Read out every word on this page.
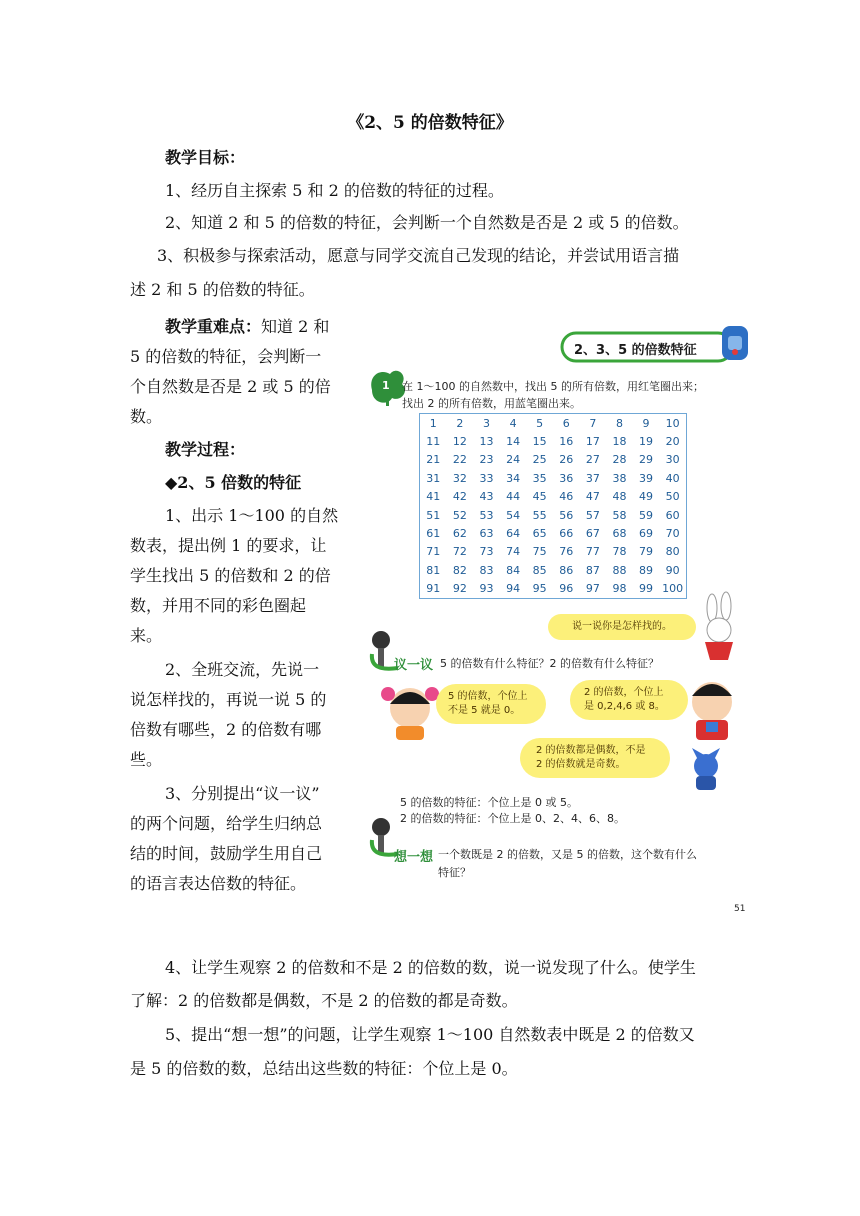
《2、5 的倍数特征》
教学目标：
1、经历自主探索 5 和 2 的倍数的特征的过程。
2、知道 2 和 5 的倍数的特征，会判断一个自然数是否是 2 或 5 的倍数。
3、积极参与探索活动，愿意与同学交流自己发现的结论，并尝试用语言描
述 2 和 5 的倍数的特征。
教学重难点：知道 2 和
5 的倍数的特征，会判断一
个自然数是否是 2 或 5 的倍
数。
教学过程：
◆2、5 倍数的特征
1、出示 1～100 的自然
数表，提出例 1 的要求，让
学生找出 5 的倍数和 2 的倍
数，并用不同的彩色圈起
来。
2、全班交流，先说一
说怎样找的，再说一说 5 的
倍数有哪些，2 的倍数有哪
些。
3、分别提出“议一议”
的两个问题，给学生归纳总
结的时间，鼓励学生用自己
的语言表达倍数的特征。
4、让学生观察 2 的倍数和不是 2 的倍数的数，说一说发现了什么。使学生
了解：2 的倍数都是偶数，不是 2 的倍数的都是奇数。
5、提出“想一想”的问题，让学生观察 1～100 自然数表中既是 2 的倍数又
是 5 的倍数的数，总结出这些数的特征：个位上是 0。
2、3、5 的倍数特征
1 在 1～100 的自然数中，找出 5 的所有倍数，用红笔圈出来；
找出 2 的所有倍数，用蓝笔圈出来。
1	2	3	4	5	6	7	8	9	10
11	12	13	14	15	16	17	18	19	20
21	22	23	24	25	26	27	28	29	30
31	32	33	34	35	36	37	38	39	40
41	42	43	44	45	46	47	48	49	50
51	52	53	54	55	56	57	58	59	60
61	62	63	64	65	66	67	68	69	70
71	72	73	74	75	76	77	78	79	80
81	82	83	84	85	86	87	88	89	90
91	92	93	94	95	96	97	98	99	100
说一说你是怎样找的。
议一议 5 的倍数有什么特征？2 的倍数有什么特征？
5 的倍数，个位上
不是 5 就是 0。
2 的倍数，个位上
是 0,2,4,6 或 8。
2 的倍数都是偶数，不是
2 的倍数就是奇数。
5 的倍数的特征：个位上是 0 或 5。
2 的倍数的特征：个位上是 0、2、4、6、8。
想一想 一个数既是 2 的倍数，又是 5 的倍数，这个数有什么
特征？
51
